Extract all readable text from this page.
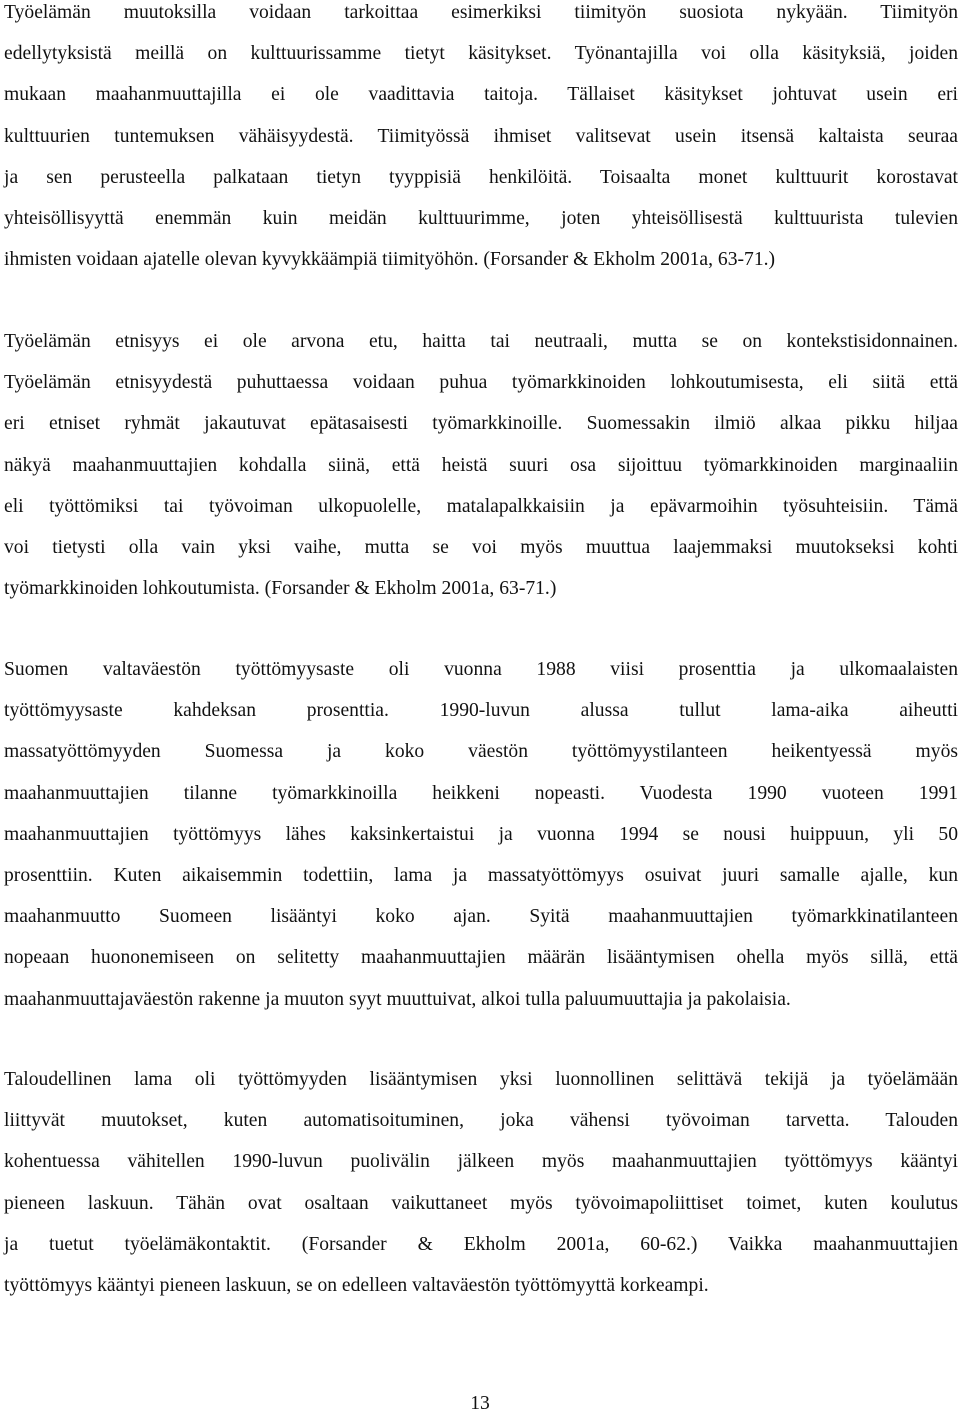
Työelämän muutoksilla voidaan tarkoittaa esimerkiksi tiimityön suosiota nykyään. Tiimityön
edellytyksistä meillä on kulttuurissamme tietyt käsitykset. Työnantajilla voi olla käsityksiä, joiden
mukaan maahanmuuttajilla ei ole vaadittavia taitoja. Tällaiset käsitykset johtuvat usein eri
kulttuurien tuntemuksen vähäisyydestä. Tiimityössä ihmiset valitsevat usein itsensä kaltaista seuraa
ja sen perusteella palkataan tietyn tyyppisiä henkilöitä. Toisaalta monet kulttuurit korostavat
yhteisöllisyyttä enemmän kuin meidän kulttuurimme, joten yhteisöllisestä kulttuurista tulevien
ihmisten voidaan ajatelle olevan kyvykkäämpiä tiimityöhön. (Forsander & Ekholm 2001a, 63-71.)
Työelämän etnisyys ei ole arvona etu, haitta tai neutraali, mutta se on kontekstisidonnainen.
Työelämän etnisyydestä puhuttaessa voidaan puhua työmarkkinoiden lohkoutumisesta, eli siitä että
eri etniset ryhmät jakautuvat epätasaisesti työmarkkinoille. Suomessakin ilmiö alkaa pikku hiljaa
näkyä maahanmuuttajien kohdalla siinä, että heistä suuri osa sijoittuu työmarkkinoiden marginaaliin
eli työttömiksi tai työvoiman ulkopuolelle, matalapalkkaisiin ja epävarmoihin työsuhteisiin. Tämä
voi tietysti olla vain yksi vaihe, mutta se voi myös muuttua laajemmaksi muutokseksi kohti
työmarkkinoiden lohkoutumista. (Forsander & Ekholm 2001a, 63-71.)
Suomen valtaväestön työttömyysaste oli vuonna 1988 viisi prosenttia ja ulkomaalaisten
työttömyysaste kahdeksan prosenttia. 1990-luvun alussa tullut lama-aika aiheutti
massatyöttömyyden Suomessa ja koko väestön työttömyystilanteen heikentyessä myös
maahanmuuttajien tilanne työmarkkinoilla heikkeni nopeasti. Vuodesta 1990 vuoteen 1991
maahanmuuttajien työttömyys lähes kaksinkertaistui ja vuonna 1994 se nousi huippuun, yli 50
prosenttiin. Kuten aikaisemmin todettiin, lama ja massatyöttömyys osuivat juuri samalle ajalle, kun
maahanmuutto Suomeen lisääntyi koko ajan. Syitä maahanmuuttajien työmarkkinatilanteen
nopeaan huononemiseen on selitetty maahanmuuttajien määrän lisääntymisen ohella myös sillä, että
maahanmuuttajaväestön rakenne ja muuton syyt muuttuivat, alkoi tulla paluumuuttajia ja pakolaisia.
Taloudellinen lama oli työttömyyden lisääntymisen yksi luonnollinen selittävä tekijä ja työelämään
liittyvät muutokset, kuten automatisoituminen, joka vähensi työvoiman tarvetta. Talouden
kohentuessa vähitellen 1990-luvun puolivälin jälkeen myös maahanmuuttajien työttömyys kääntyi
pieneen laskuun. Tähän ovat osaltaan vaikuttaneet myös työvoimapoliittiset toimet, kuten koulutus
ja tuetut työelämäkontaktit. (Forsander & Ekholm 2001a, 60-62.) Vaikka maahanmuuttajien
työttömyys kääntyi pieneen laskuun, se on edelleen valtaväestön työttömyyttä korkeampi.
13
